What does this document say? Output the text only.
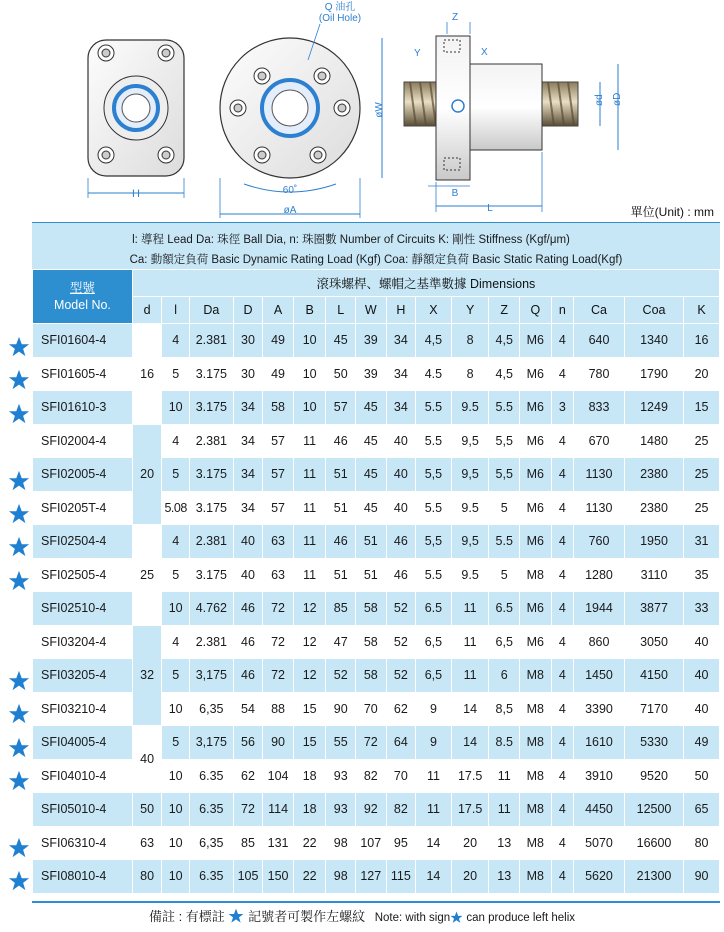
H
Q 油孔
(Oil Hole)
60˚
øA
øW
Z
Y	X
B
L
ød øD
單位(Unit) : mm
l: 導程 Lead Da: 珠徑 Ball Dia, n: 珠圈數 Number of Circuits K: 剛性 Stiffness (Kgf/μm)
Ca: 動額定負荷 Basic Dynamic Rating Load (Kgf) Coa: 靜額定負荷 Basic Static Rating Load(Kgf)
型號
Model No.	滾珠螺桿、螺帽之基準數據 Dimensions																
	d	l	Da	D	A	B	L	W	H	X	Y	Z	Q	n	Ca	Coa	K
SFI01604-4	16	4	2.381	30	49	10	45	39	34	4,5	8	4,5	M6	4	640	1340	16
SFI01605-4		5	3.175	30	49	10	50	39	34	4.5	8	4,5	M6	4	780	1790	20
SFI01610-3		10	3.175	34	58	10	57	45	34	5.5	9.5	5.5	M6	3	833	1249	15
SFI02004-4	20	4	2.381	34	57	11	46	45	40	5.5	9,5	5,5	M6	4	670	1480	25
SFI02005-4		5	3.175	34	57	11	51	45	40	5,5	9,5	5,5	M6	4	1130	2380	25
SFI0205T-4		5.08	3.175	34	57	11	51	45	40	5.5	9.5	5	M6	4	1130	2380	25
SFI02504-4	25	4	2.381	40	63	11	46	51	46	5,5	9,5	5.5	M6	4	760	1950	31
SFI02505-4		5	3.175	40	63	11	51	51	46	5.5	9.5	5	M8	4	1280	3110	35
SFI02510-4		10	4.762	46	72	12	85	58	52	6.5	11	6.5	M6	4	1944	3877	33
SFI03204-4	32	4	2.381	46	72	12	47	58	52	6,5	11	6,5	M6	4	860	3050	40
SFI03205-4		5	3,175	46	72	12	52	58	52	6,5	11	6	M8	4	1450	4150	40
SFI03210-4		10	6,35	54	88	15	90	70	62	9	14	8,5	M8	4	3390	7170	40
SFI04005-4	40	5	3,175	56	90	15	55	72	64	9	14	8.5	M8	4	1610	5330	49
SFI04010-4		10	6.35	62	104	18	93	82	70	11	17.5	11	M8	4	3910	9520	50
SFI05010-4	50	10	6.35	72	114	18	93	92	82	11	17.5	11	M8	4	4450	12500	65
SFI06310-4	63	10	6,35	85	131	22	98	107	95	14	20	13	M8	4	5070	16600	80
SFI08010-4	80	10	6.35	105	150	22	98	127	115	14	20	13	M8	4	5620	21300	90
備註 : 有標註 記號者可製作左螺紋 Note: with sign can produce left helix
